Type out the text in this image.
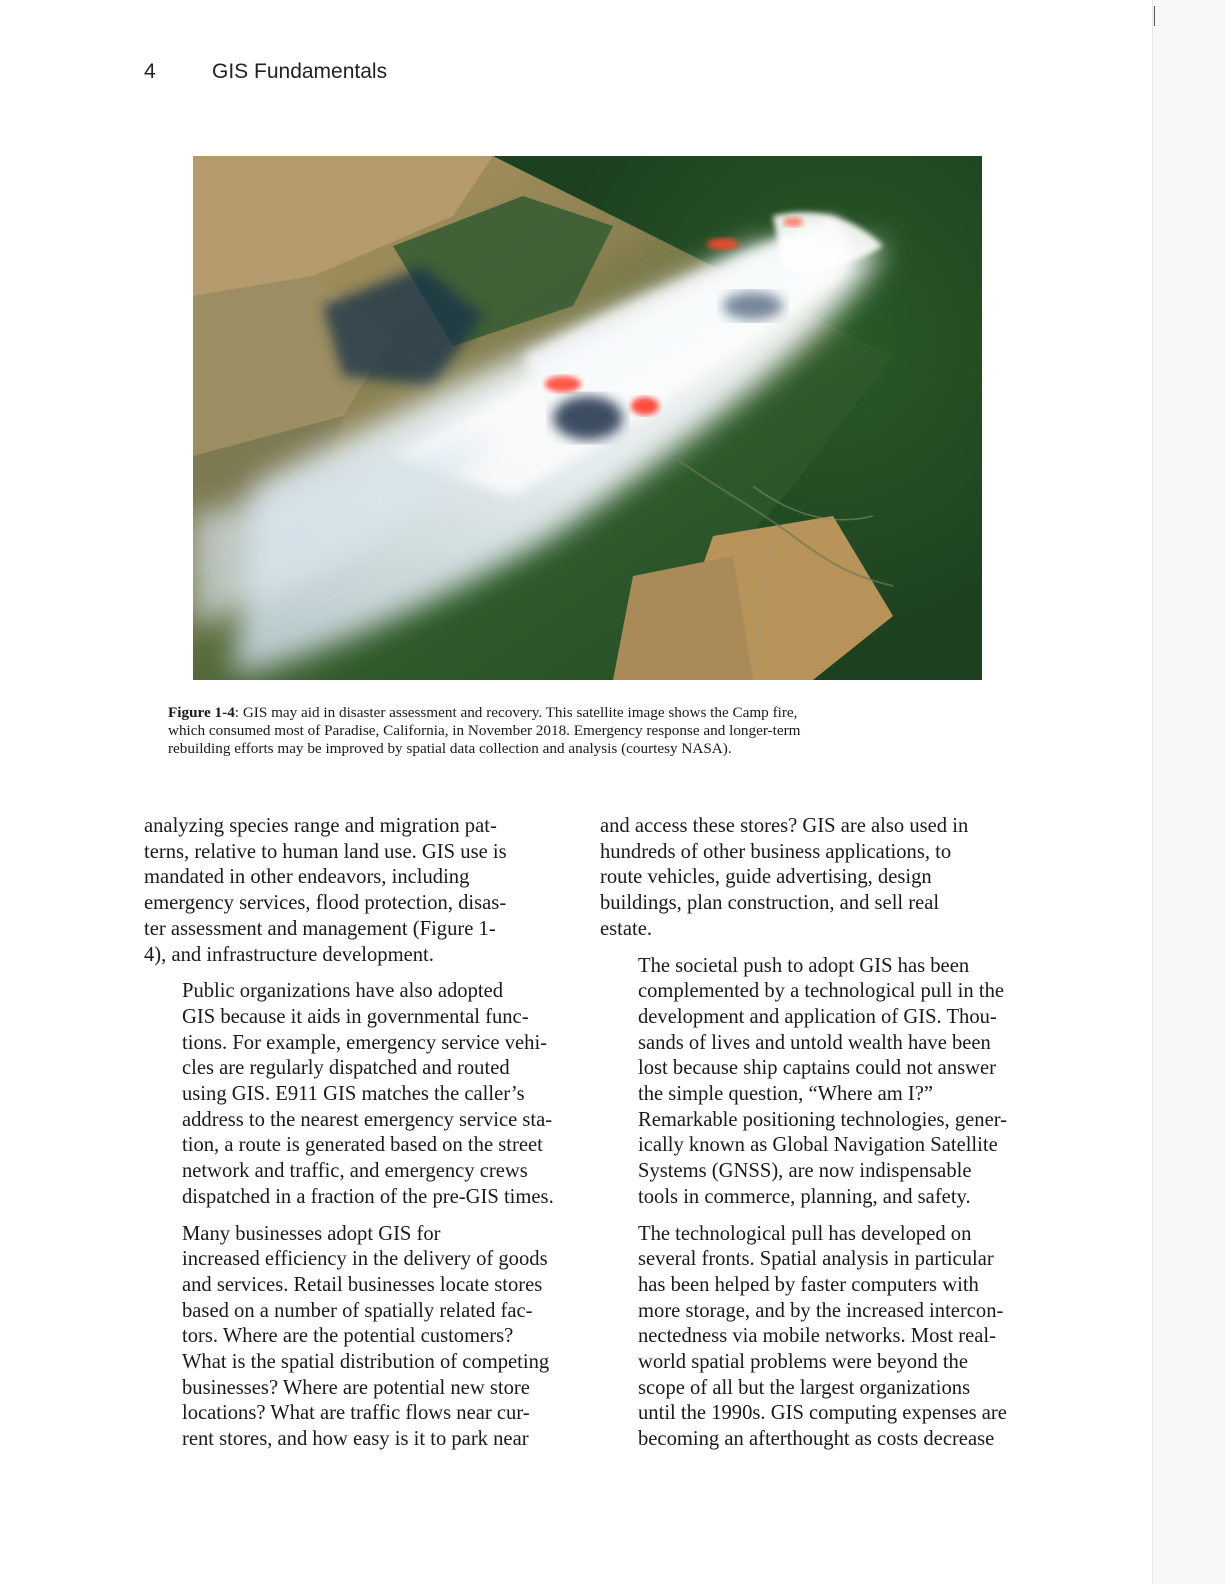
4	GIS Fundamentals
Figure 1-4: GIS may aid in disaster assessment and recovery. This satellite image shows the Camp fire,
which consumed most of Paradise, California, in November 2018. Emergency response and longer-term
rebuilding efforts may be improved by spatial data collection and analysis (courtesy NASA).

analyzing species range and migration pat-
terns, relative to human land use. GIS use is
mandated in other endeavors, including
emergency services, flood protection, disas-
ter assessment and management (Figure 1-
4), and infrastructure development.

Public organizations have also adopted
GIS because it aids in governmental func-
tions. For example, emergency service vehi-
cles are regularly dispatched and routed
using GIS. E911 GIS matches the caller’s
address to the nearest emergency service sta-
tion, a route is generated based on the street
network and traffic, and emergency crews
dispatched in a fraction of the pre-GIS times.

Many businesses adopt GIS for
increased efficiency in the delivery of goods
and services. Retail businesses locate stores
based on a number of spatially related fac-
tors. Where are the potential customers?
What is the spatial distribution of competing
businesses? Where are potential new store
locations? What are traffic flows near cur-
rent stores, and how easy is it to park near

and access these stores? GIS are also used in
hundreds of other business applications, to
route vehicles, guide advertising, design
buildings, plan construction, and sell real
estate.

The societal push to adopt GIS has been
complemented by a technological pull in the
development and application of GIS. Thou-
sands of lives and untold wealth have been
lost because ship captains could not answer
the simple question, “Where am I?”
Remarkable positioning technologies, gener-
ically known as Global Navigation Satellite
Systems (GNSS), are now indispensable
tools in commerce, planning, and safety.

The technological pull has developed on
several fronts. Spatial analysis in particular
has been helped by faster computers with
more storage, and by the increased intercon-
nectedness via mobile networks. Most real-
world spatial problems were beyond the
scope of all but the largest organizations
until the 1990s. GIS computing expenses are
becoming an afterthought as costs decrease
